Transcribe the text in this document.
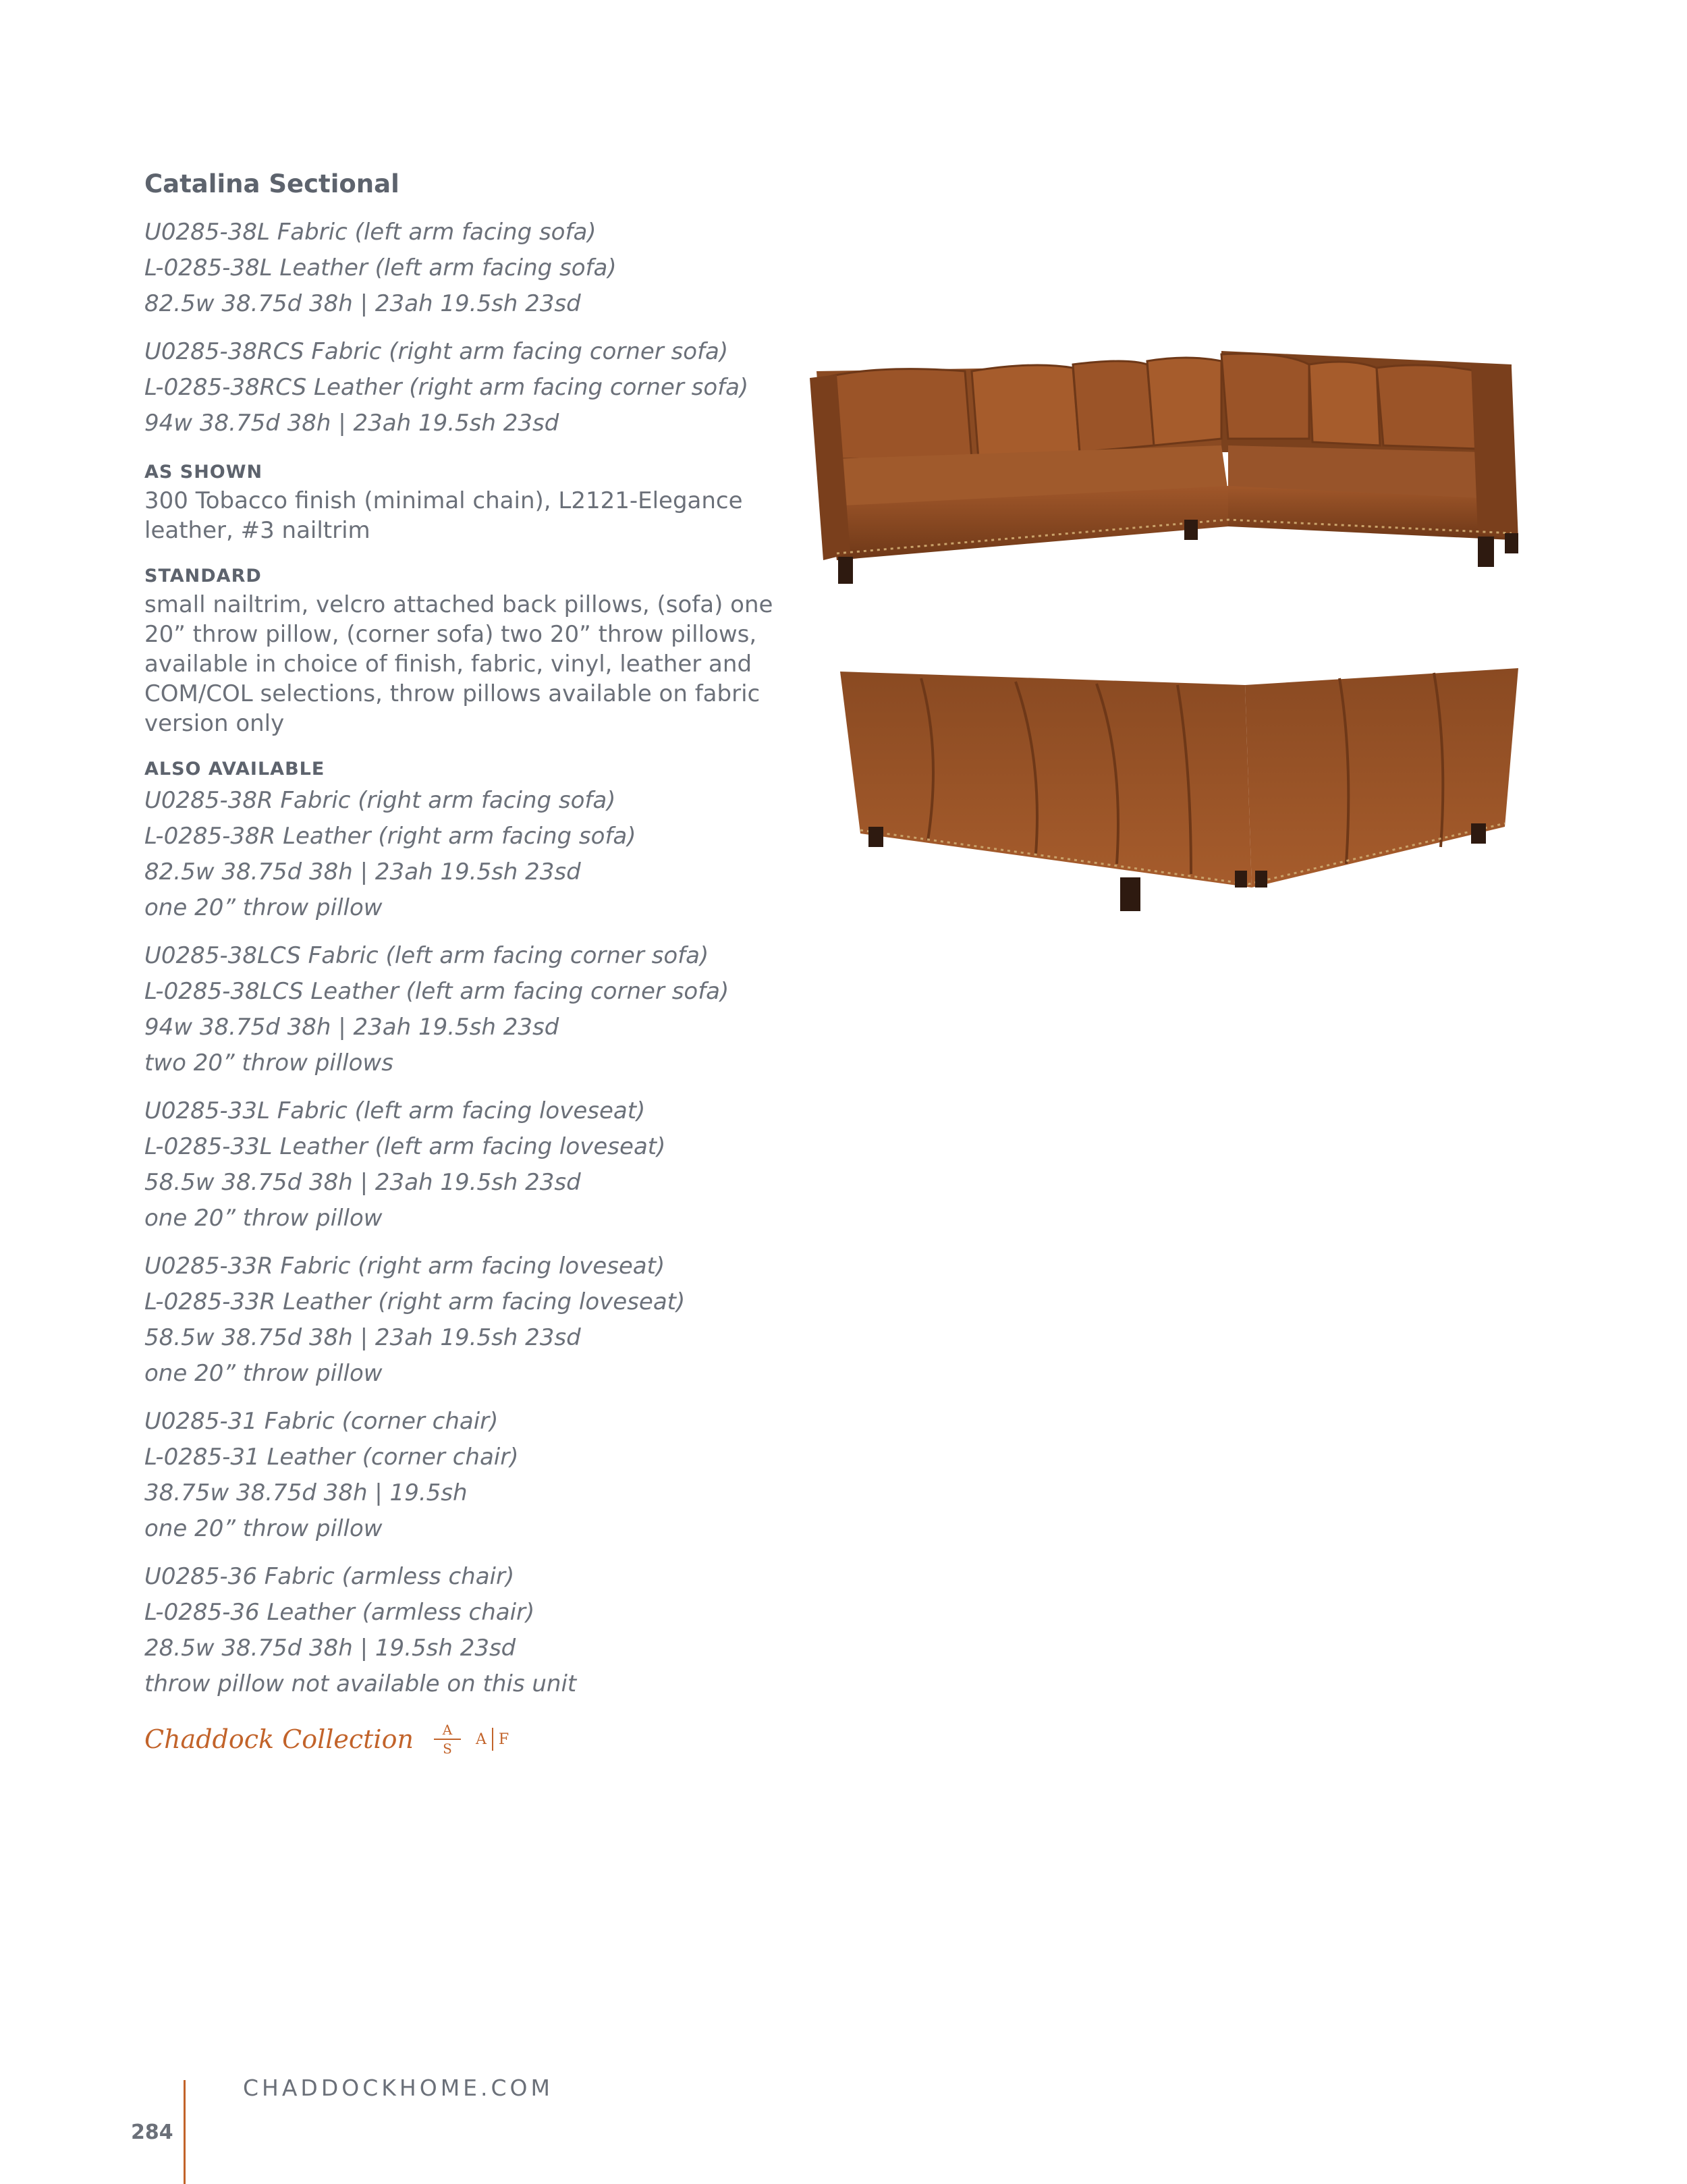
Catalina Sectional

U0285-38L Fabric (left arm facing sofa)

L-0285-38L Leather (left arm facing sofa)

82.5w 38.75d 38h | 23ah 19.5sh 23sd

U0285-38RCS Fabric (right arm facing corner sofa)

L-0285-38RCS Leather (right arm facing corner sofa)

94w 38.75d 38h | 23ah 19.5sh 23sd

AS SHOWN

300 Tobacco finish (minimal chain), L2121-Elegance leather, #3 nailtrim

STANDARD

small nailtrim, velcro attached back pillows, (sofa) one 20” throw pillow, (corner sofa) two 20” throw pillows, available in choice of finish, fabric, vinyl, leather and COM/COL selections, throw pillows available on fabric version only

ALSO AVAILABLE

U0285-38R Fabric (right arm facing sofa)

L-0285-38R Leather (right arm facing sofa)

82.5w 38.75d 38h | 23ah 19.5sh 23sd

one 20” throw pillow

U0285-38LCS Fabric (left arm facing corner sofa)

L-0285-38LCS Leather (left arm facing corner sofa)

94w 38.75d 38h | 23ah 19.5sh 23sd

two 20” throw pillows

U0285-33L Fabric (left arm facing loveseat)

L-0285-33L Leather (left arm facing loveseat)

58.5w 38.75d 38h | 23ah 19.5sh 23sd

one 20” throw pillow

U0285-33R Fabric (right arm facing loveseat)

L-0285-33R Leather (right arm facing loveseat)

58.5w 38.75d 38h | 23ah 19.5sh 23sd

one 20” throw pillow

U0285-31 Fabric (corner chair)

L-0285-31 Leather (corner chair)

38.75w 38.75d 38h | 19.5sh

one 20” throw pillow

U0285-36 Fabric (armless chair)

L-0285-36 Leather (armless chair)

28.5w 38.75d 38h | 19.5sh 23sd

throw pillow not available on this unit

Chaddock Collection $\frac{A}{S}$ A F
CHADDOCKHOME.COM
284
